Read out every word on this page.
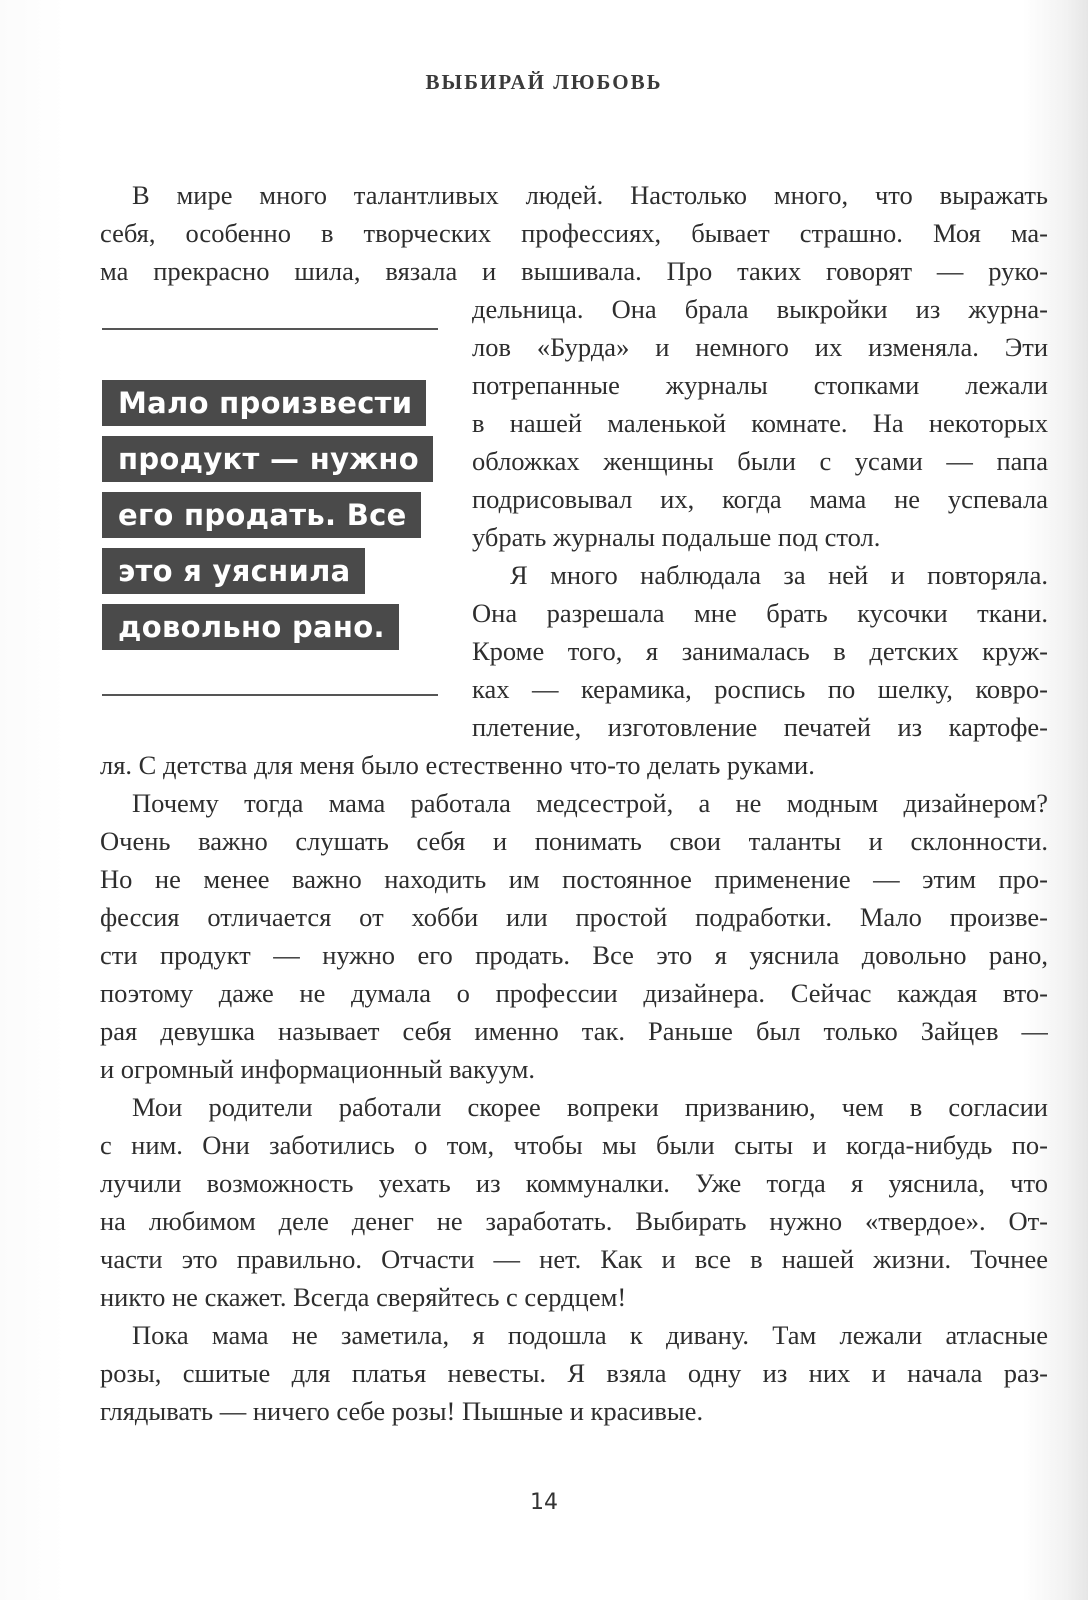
ВЫБИРАЙ ЛЮБОВЬ
В мире много талантливых людей. Настолько много, что выражать
себя, особенно в творческих профессиях, бывает страшно. Моя ма-
ма прекрасно шила, вязала и вышивала. Про таких говорят — руко-
дельница. Она брала выкройки из журна-
лов «Бурда» и немного их изменяла. Эти
потрепанные журналы стопками лежали
в нашей маленькой комнате. На некоторых
обложках женщины были с усами — папа
подрисовывал их, когда мама не успевала
убрать журналы подальше под стол.
Я много наблюдала за ней и повторяла.
Она разрешала мне брать кусочки ткани.
Кроме того, я занималась в детских круж-
ках — керамика, роспись по шелку, ковро-
плетение, изготовление печатей из картофе-
ля. С детства для меня было естественно что-то делать руками.
Почему тогда мама работала медсестрой, а не модным дизайнером?
Очень важно слушать себя и понимать свои таланты и склонности.
Но не менее важно находить им постоянное применение — этим про-
фессия отличается от хобби или простой подработки. Мало произве-
сти продукт — нужно его продать. Все это я уяснила довольно рано,
поэтому даже не думала о профессии дизайнера. Сейчас каждая вто-
рая девушка называет себя именно так. Раньше был только Зайцев —
и огромный информационный вакуум.
Мои родители работали скорее вопреки призванию, чем в согласии
с ним. Они заботились о том, чтобы мы были сыты и когда-нибудь по-
лучили возможность уехать из коммуналки. Уже тогда я уяснила, что
на любимом деле денег не заработать. Выбирать нужно «твердое». От-
части это правильно. Отчасти — нет. Как и все в нашей жизни. Точнее
никто не скажет. Всегда сверяйтесь с сердцем!
Пока мама не заметила, я подошла к дивану. Там лежали атласные
розы, сшитые для платья невесты. Я взяла одну из них и начала раз-
глядывать — ничего себе розы! Пышные и красивые.
Мало произвести
продукт — нужно
его продать. Все
это я уяснила
довольно рано.
14
